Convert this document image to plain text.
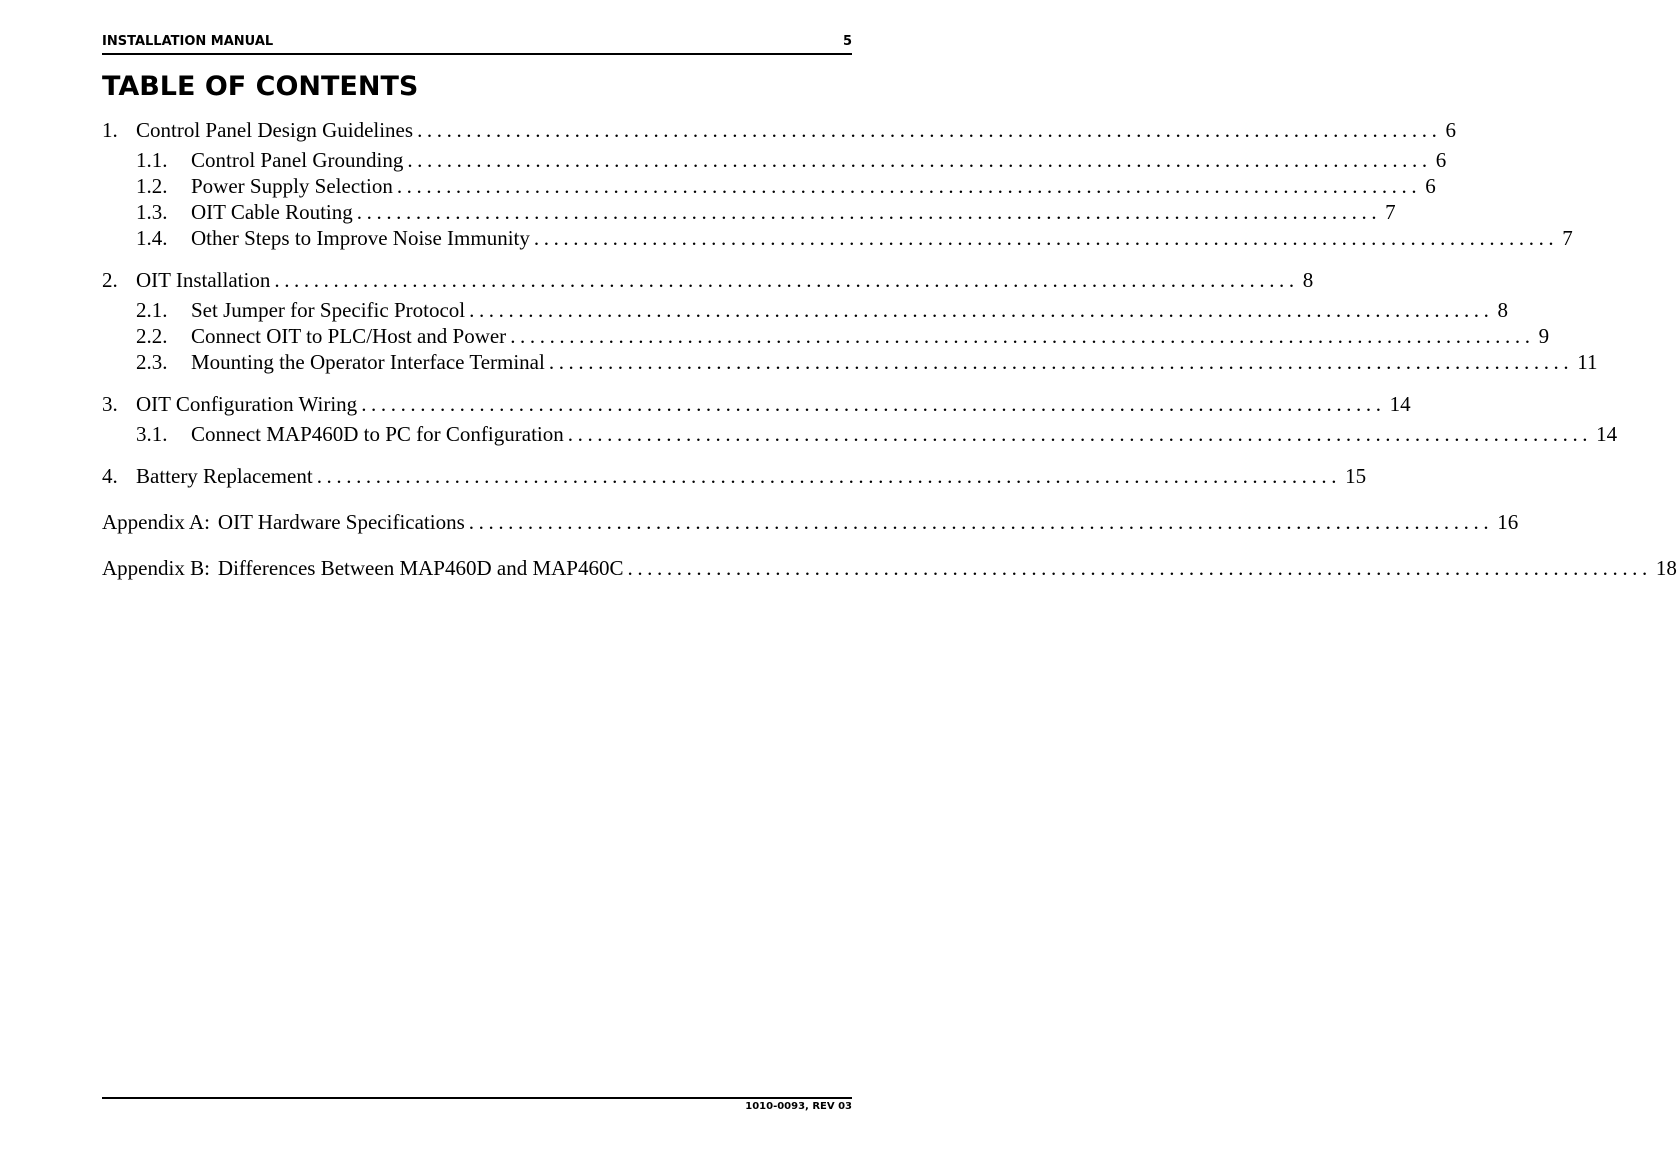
INSTALLATION MANUAL	5
TABLE OF CONTENTS
1. Control Panel Design Guidelines ........................................................................................................ 6
1.1.	Control Panel Grounding ........................................................................................................ 6
1.2.	Power Supply Selection ........................................................................................................ 6
1.3.	OIT Cable Routing ........................................................................................................ 7
1.4.	Other Steps to Improve Noise Immunity ........................................................................................................ 7
2. OIT Installation ........................................................................................................ 8
2.1.	Set Jumper for Specific Protocol ........................................................................................................ 8
2.2.	Connect OIT to PLC/Host and Power ........................................................................................................ 9
2.3.	Mounting the Operator Interface Terminal ........................................................................................................ 11
3. OIT Configuration Wiring ........................................................................................................ 14
3.1.	Connect MAP460D to PC for Configuration ........................................................................................................ 14
4. Battery Replacement ........................................................................................................ 15
Appendix A: OIT Hardware Specifications ........................................................................................................ 16
Appendix B: Differences Between MAP460D and MAP460C ........................................................................................................ 18
1010-0093, REV 03
